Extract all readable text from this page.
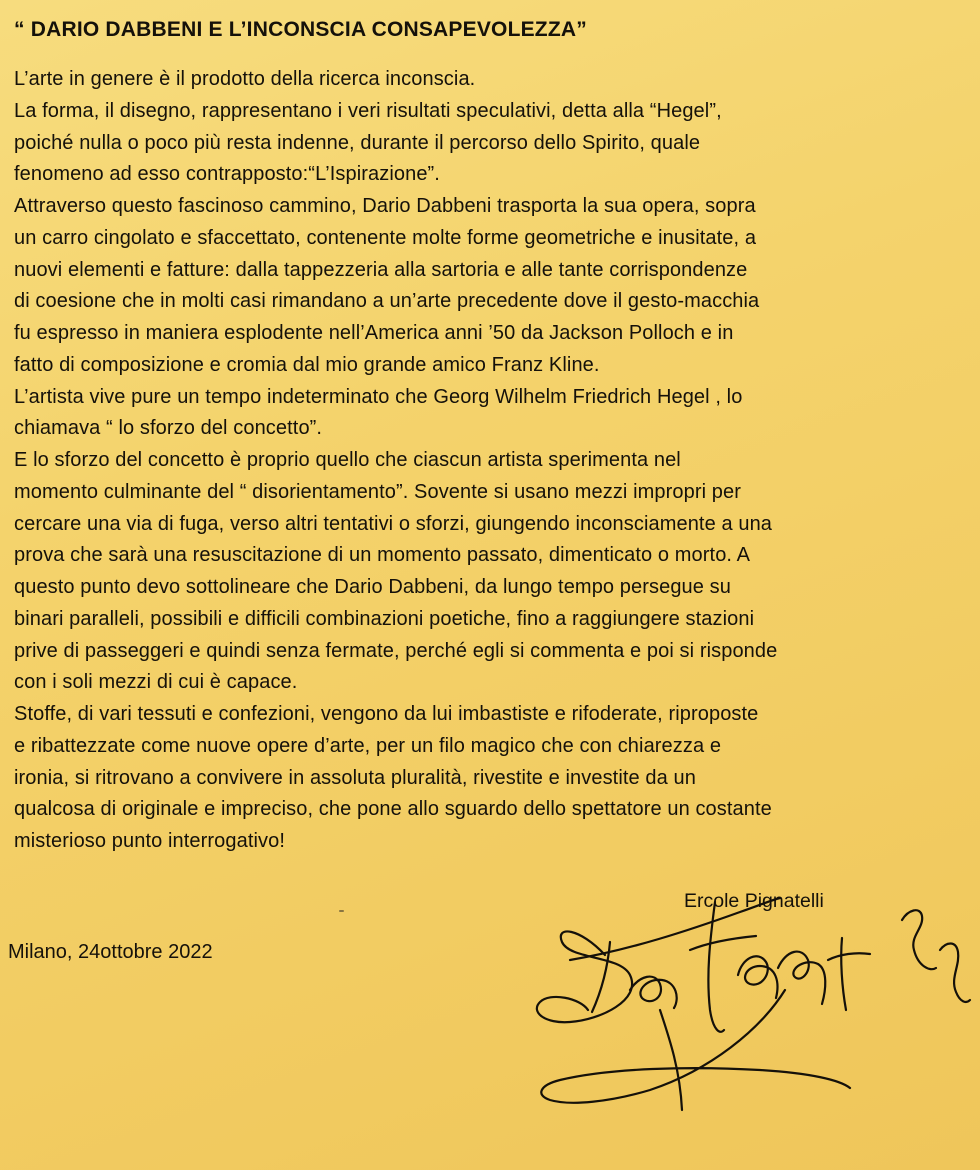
“ DARIO DABBENI E L’INCONSCIA CONSAPEVOLEZZA”
L’arte in genere è il prodotto della ricerca inconscia.
La forma, il disegno, rappresentano i veri risultati speculativi, detta alla “Hegel”,
poiché nulla o poco più resta indenne, durante il percorso dello Spirito, quale
fenomeno ad esso contrapposto:“L’Ispirazione”.
Attraverso questo fascinoso cammino, Dario Dabbeni trasporta la sua opera, sopra
un carro cingolato e sfaccettato, contenente molte forme geometriche e inusitate, a
nuovi elementi e fatture: dalla tappezzeria alla sartoria e alle tante corrispondenze
di coesione che in molti casi rimandano a un’arte precedente dove il gesto-macchia
fu espresso in maniera esplodente nell’America anni ’50 da Jackson Polloch e in
fatto di composizione e cromia dal mio grande amico Franz Kline.
L’artista vive pure un tempo indeterminato che Georg Wilhelm Friedrich Hegel , lo
chiamava “ lo sforzo del concetto”.
E lo sforzo del concetto è proprio quello che ciascun artista sperimenta nel
momento culminante del “ disorientamento”. Sovente si usano mezzi impropri per
cercare una via di fuga, verso altri tentativi o sforzi, giungendo inconsciamente a una
prova che sarà una resuscitazione di un momento passato, dimenticato o morto. A
questo punto devo sottolineare che Dario Dabbeni, da lungo tempo persegue su
binari paralleli, possibili e difficili combinazioni poetiche, fino a raggiungere stazioni
prive di passeggeri e quindi senza fermate, perché egli si commenta e poi si risponde
con i soli mezzi di cui è capace.
Stoffe, di vari tessuti e confezioni, vengono da lui imbastiste e rifoderate, riproposte
e ribattezzate come nuove opere d’arte, per un filo magico che con chiarezza e
ironia, si ritrovano a convivere in assoluta pluralità, rivestite e investite da un
qualcosa di originale e impreciso, che pone allo sguardo dello spettatore un costante
misterioso punto interrogativo!
Ercole Pignatelli
Milano, 24ottobre 2022
